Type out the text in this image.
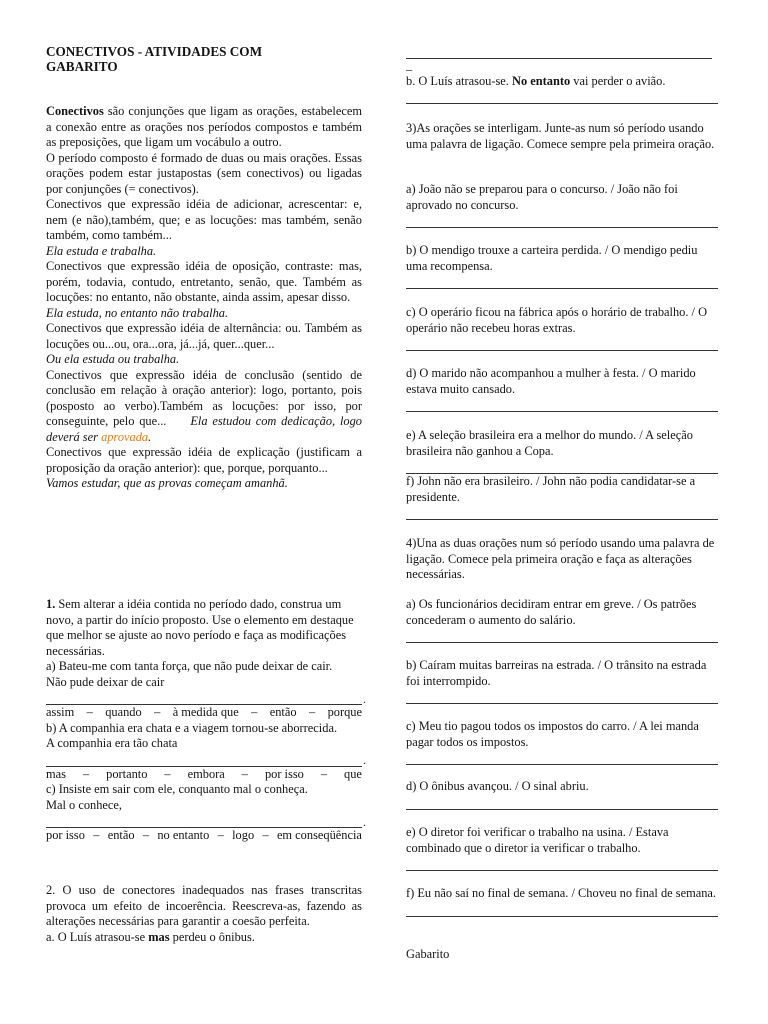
CONECTIVOS - ATIVIDADES COM

GABARITO

Conectivos são conjunções que ligam as orações, estabelecem a conexão entre as orações nos períodos compostos e também as preposições, que ligam um vocábulo a outro.

O período composto é formado de duas ou mais orações. Essas orações podem estar justapostas (sem conectivos) ou ligadas por conjunções (= conectivos).

Conectivos que expressão idéia de adicionar, acrescentar: e, nem (e não),também, que; e as locuções: mas também, senão também, como também...

Ela estuda e trabalha.

Conectivos que expressão idéia de oposição, contraste: mas, porém, todavia, contudo, entretanto, senão, que. Também as locuções: no entanto, não obstante, ainda assim, apesar disso.

Ela estuda, no entanto não trabalha.

Conectivos que expressão idéia de alternância: ou. Também as locuções ou...ou, ora...ora, já...já, quer...quer...

Ou ela estuda ou trabalha.

Conectivos que expressão idéia de conclusão (sentido de conclusão em relação à oração anterior): logo, portanto, pois (posposto ao verbo).Também as locuções: por isso, por conseguinte, pelo que... Ela estudou com dedicação, logo deverá ser aprovada.

Conectivos que expressão idéia de explicação (justificam a proposição da oração anterior): que, porque, porquanto...

Vamos estudar, que as provas começam amanhã.

1. Sem alterar a idéia contida no período dado, construa um novo, a partir do início proposto. Use o elemento em destaque que melhor se ajuste ao novo período e faça as modificações necessárias.

a) Bateu-me com tanta força, que não pude deixar de cair.

Não pude deixar de cair

.
assim – quando – à medida que – então – porque

b) A companhia era chata e a viagem tornou-se aborrecida.

A companhia era tão chata

.
mas – portanto – embora – por isso – que

c) Insiste em sair com ele, conquanto mal o conheça.

Mal o conhece,

.
por isso – então – no entanto – logo – em conseqüência

2. O uso de conectores inadequados nas frases transcritas provoca um efeito de incoerência. Reescreva-as, fazendo as alterações necessárias para garantir a coesão perfeita.

a. O Luís atrasou-se mas perdeu o ônibus.

_

b. O Luís atrasou-se. No entanto vai perder o avião.

3)As orações se interligam. Junte-as num só período usando uma palavra de ligação. Comece sempre pela primeira oração.

a) João não se preparou para o concurso. / João não foi aprovado no concurso.

b) O mendigo trouxe a carteira perdida. / O mendigo pediu uma recompensa.

c) O operário ficou na fábrica após o horário de trabalho. / O operário não recebeu horas extras.

d) O marido não acompanhou a mulher à festa. / O marido estava muito cansado.

e) A seleção brasileira era a melhor do mundo. / A seleção brasileira não ganhou a Copa.

f) John não era brasileiro. / John não podia candidatar-se a presidente.

4)Una as duas orações num só período usando uma palavra de ligação. Comece pela primeira oração e faça as alterações necessárias.

a) Os funcionários decidiram entrar em greve. / Os patrões concederam o aumento do salário.

b) Caíram muitas barreiras na estrada. / O trânsito na estrada foi interrompido.

c) Meu tio pagou todos os impostos do carro. / A lei manda pagar todos os impostos.

d) O ônibus avançou. / O sinal abriu.

e) O diretor foi verificar o trabalho na usina. / Estava combinado que o diretor ia verificar o trabalho.

f) Eu não saí no final de semana. / Choveu no final de semana.

Gabarito
